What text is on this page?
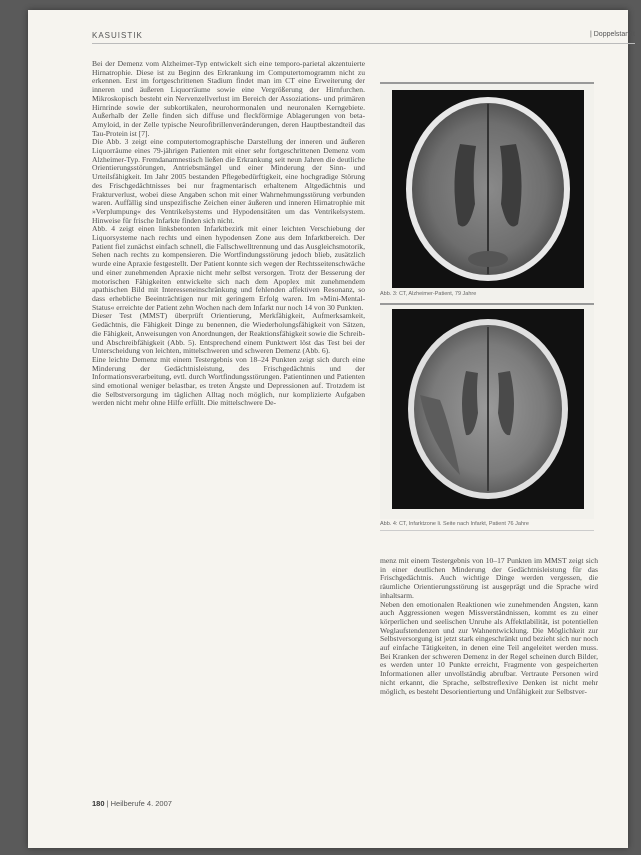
KASUISTIK	| Doppelstandt

Bei der Demenz vom Alzheimer-Typ entwickelt sich eine temporo-parietal akzentuierte Hirnatrophie. Diese ist zu Beginn des Erkrankung im Computertomogramm nicht zu erkennen. Erst im fortgeschrittenen Stadium findet man im CT eine Erweiterung der inneren und äußeren Liquorräume sowie eine Vergrößerung der Hirnfurchen. Mikroskopisch besteht ein Nervenzellverlust im Bereich der Assoziations- und primären Hirnrinde sowie der subkortikalen, neurohormonalen und neuronalen Kerngebiete. Außerhalb der Zelle finden sich diffuse und fleckförmige Ablagerungen von beta-Amyloid, in der Zelle typische Neurofibrillenveränderungen, deren Hauptbestandteil das Tau-Protein ist [7].

Die Abb. 3 zeigt eine computertomographische Darstellung der inneren und äußeren Liquorräume eines 79-jährigen Patienten mit einer sehr fortgeschrittenen Demenz vom Alzheimer-Typ. Fremdanamnestisch ließen die Erkrankung seit neun Jahren die deutliche Orientierungsstörungen, Antriebsmängel und einer Minderung der Sinn- und Urteilsfähigkeit. Im Jahr 2005 bestanden Pflegebedürftigkeit, eine hochgradige Störung des Frischgedächtnisses bei nur fragmentarisch erhaltenem Altgedächtnis und Frakturverlust, wobei diese Angaben schon mit einer Wahrnehmungsstörung verbunden waren. Auffällig sind unspezifische Zeichen einer äußeren und inneren Hirnatrophie mit »Verplumpung« des Ventrikelsystems und Hypodensitäten um das Ventrikelsystem. Hinweise für frische Infarkte finden sich nicht.

Abb. 4 zeigt einen linksbetonten Infarktbezirk mit einer leichten Verschiebung der Liquorsysteme nach rechts und einen hypodensen Zone aus dem Infarktbereich. Der Patient fiel zunächst einfach schnell, die Fallschwelltrennung und das Ausgleichsmotorik, Sehen nach rechts zu kompensieren. Die Wortfindungsstörung jedoch blieb, zusätzlich wurde eine Apraxie festgestellt. Der Patient konnte sich wegen der Rechtsseitenschwäche und einer zunehmenden Apraxie nicht mehr selbst versorgen. Trotz der Besserung der motorischen Fähigkeiten entwickelte sich nach dem Apoplex mit zunehmendem apathischen Bild mit Interesseneinschränkung und fehlenden affektiven Resonanz, so dass erhebliche Beeinträchtigen nur mit geringem Erfolg waren. Im »Mini-Mental-Status« erreichte der Patient zehn Wochen nach dem Infarkt nur noch 14 von 30 Punkten.

Dieser Test (MMST) überprüft Orientierung, Merkfähigkeit, Aufmerksamkeit, Gedächtnis, die Fähigkeit Dinge zu benennen, die Wiederholungsfähigkeit von Sätzen, die Fähigkeit, Anweisungen von Anordnungen, der Reaktionsfähigkeit sowie die Schreib- und Abschreibfähigkeit (Abb. 5). Entsprechend einem Punktwert löst das Test bei der Unterscheidung von leichten, mittelschweren und schweren Demenz (Abb. 6).

Eine leichte Demenz mit einem Testergebnis von 18–24 Punkten zeigt sich durch eine Minderung der Gedächtnisleistung, des Frischgedächtnis und der Informationsverarbeitung, evtl. durch Wortfindungsstörungen. Patientinnen und Patienten sind emotional weniger belastbar, es treten Ängste und Depressionen auf. Trotzdem ist die Selbstversorgung im täglichen Alltag noch möglich, nur komplizierte Aufgaben werden nicht mehr ohne Hilfe erfüllt. Die mittelschwere De-

Abb. 3: CT, Alzheimer-Patient, 79 Jahre
Abb. 4: CT, Infarktzone li. Seite nach Infarkt, Patient 76 Jahre

menz mit einem Testergebnis von 10–17 Punkten im MMST zeigt sich in einer deutlichen Minderung der Gedächtnisleistung für das Frischgedächtnis. Auch wichtige Dinge werden vergessen, die räumliche Orientierungsstörung ist ausgeprägt und die Sprache wird inhaltsarm.

Neben den emotionalen Reaktionen wie zunehmenden Ängsten, kann auch Aggressionen wegen Missverständnissen, kommt es zu einer körperlichen und seelischen Unruhe als Affektlabilität, ist potentiellen Weglaufstendenzen und zur Wahnentwicklung. Die Möglichkeit zur Selbstversorgung ist jetzt stark eingeschränkt und bezieht sich nur noch auf einfache Tätigkeiten, in denen eine Teil angeleitet werden muss. Bei Kranken der schweren Demenz in der Regel scheinen durch Bilder, es werden unter 10 Punkte erreicht, Fragmente von gespeicherten Informationen aller unvollständig abrufbar. Vertraute Personen wird nicht erkannt, die Sprache, selbstreflexive Denken ist nicht mehr möglich, es besteht Desorientiertung und Unfähigkeit zur Selbstver-

180 | Heilberufe 4. 2007
